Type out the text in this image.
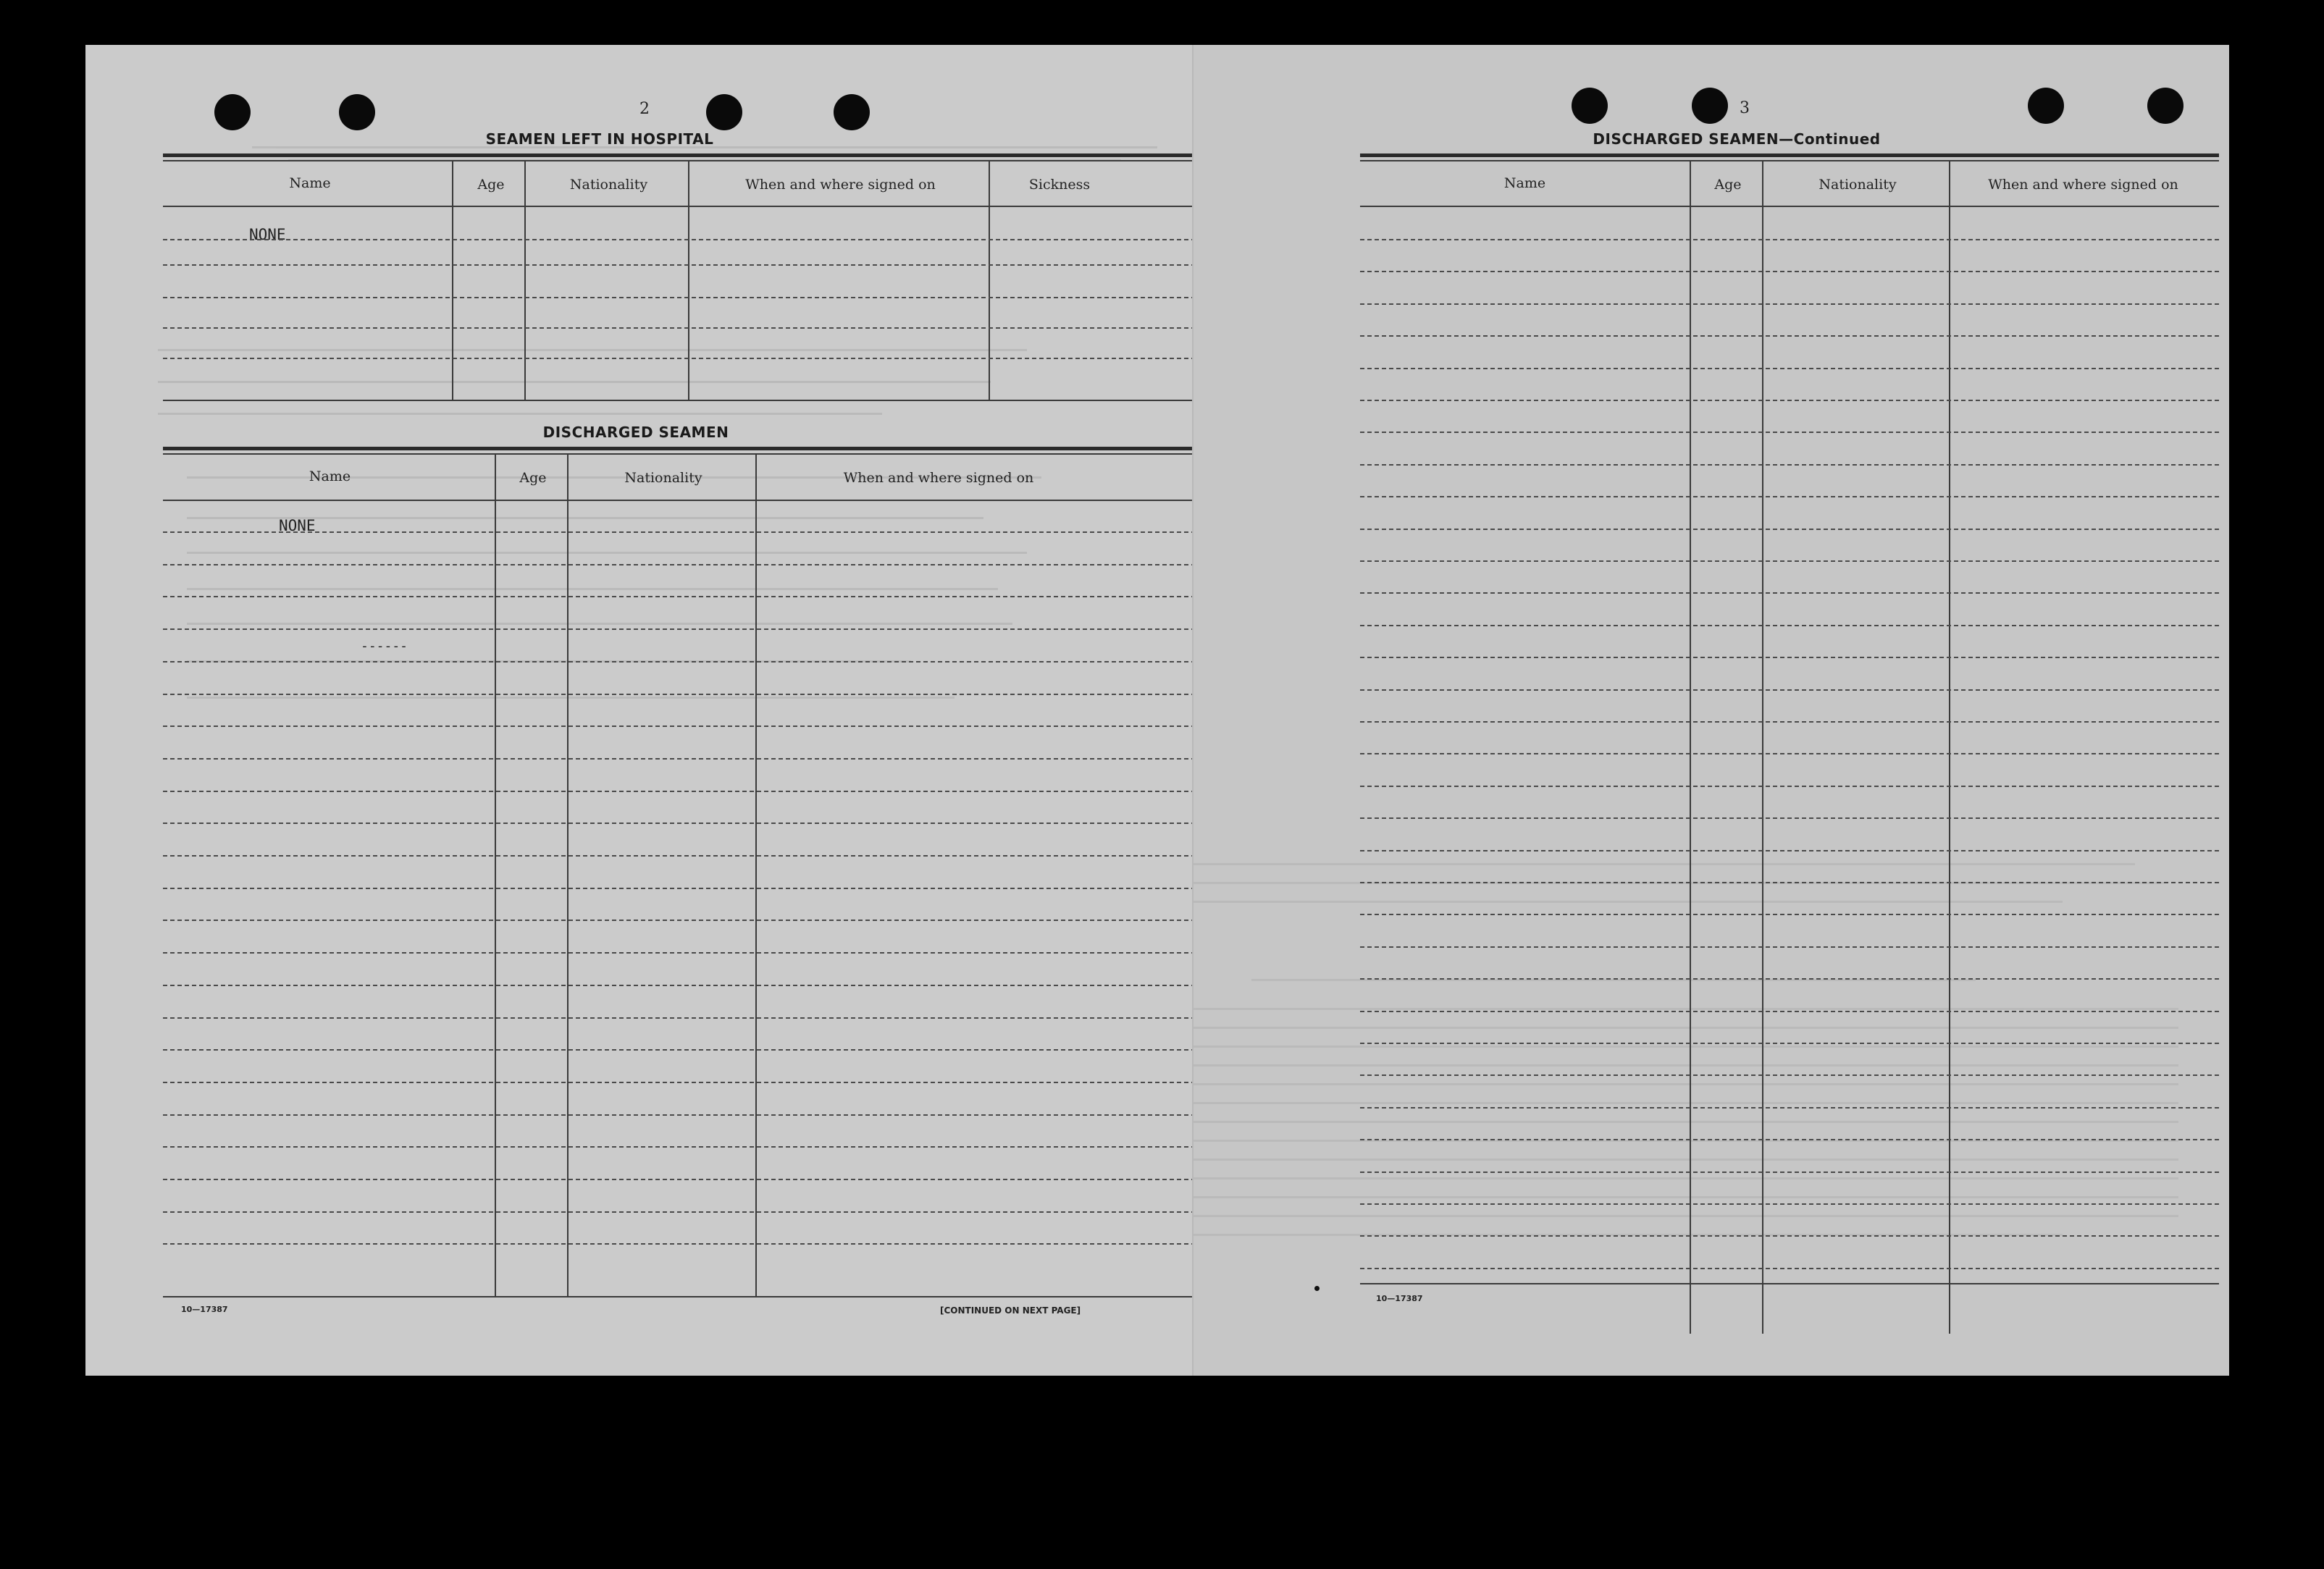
2
SEAMEN LEFT IN HOSPITAL
Name	Age	Nationality	When and where signed on	Sickness
NONE
DISCHARGED SEAMEN
Name	Age	Nationality	When and where signed on
NONE
------
10—17387	[CONTINUED ON NEXT PAGE]
3
DISCHARGED SEAMEN—Continued
Name	Age	Nationality	When and where signed on
10—17387
